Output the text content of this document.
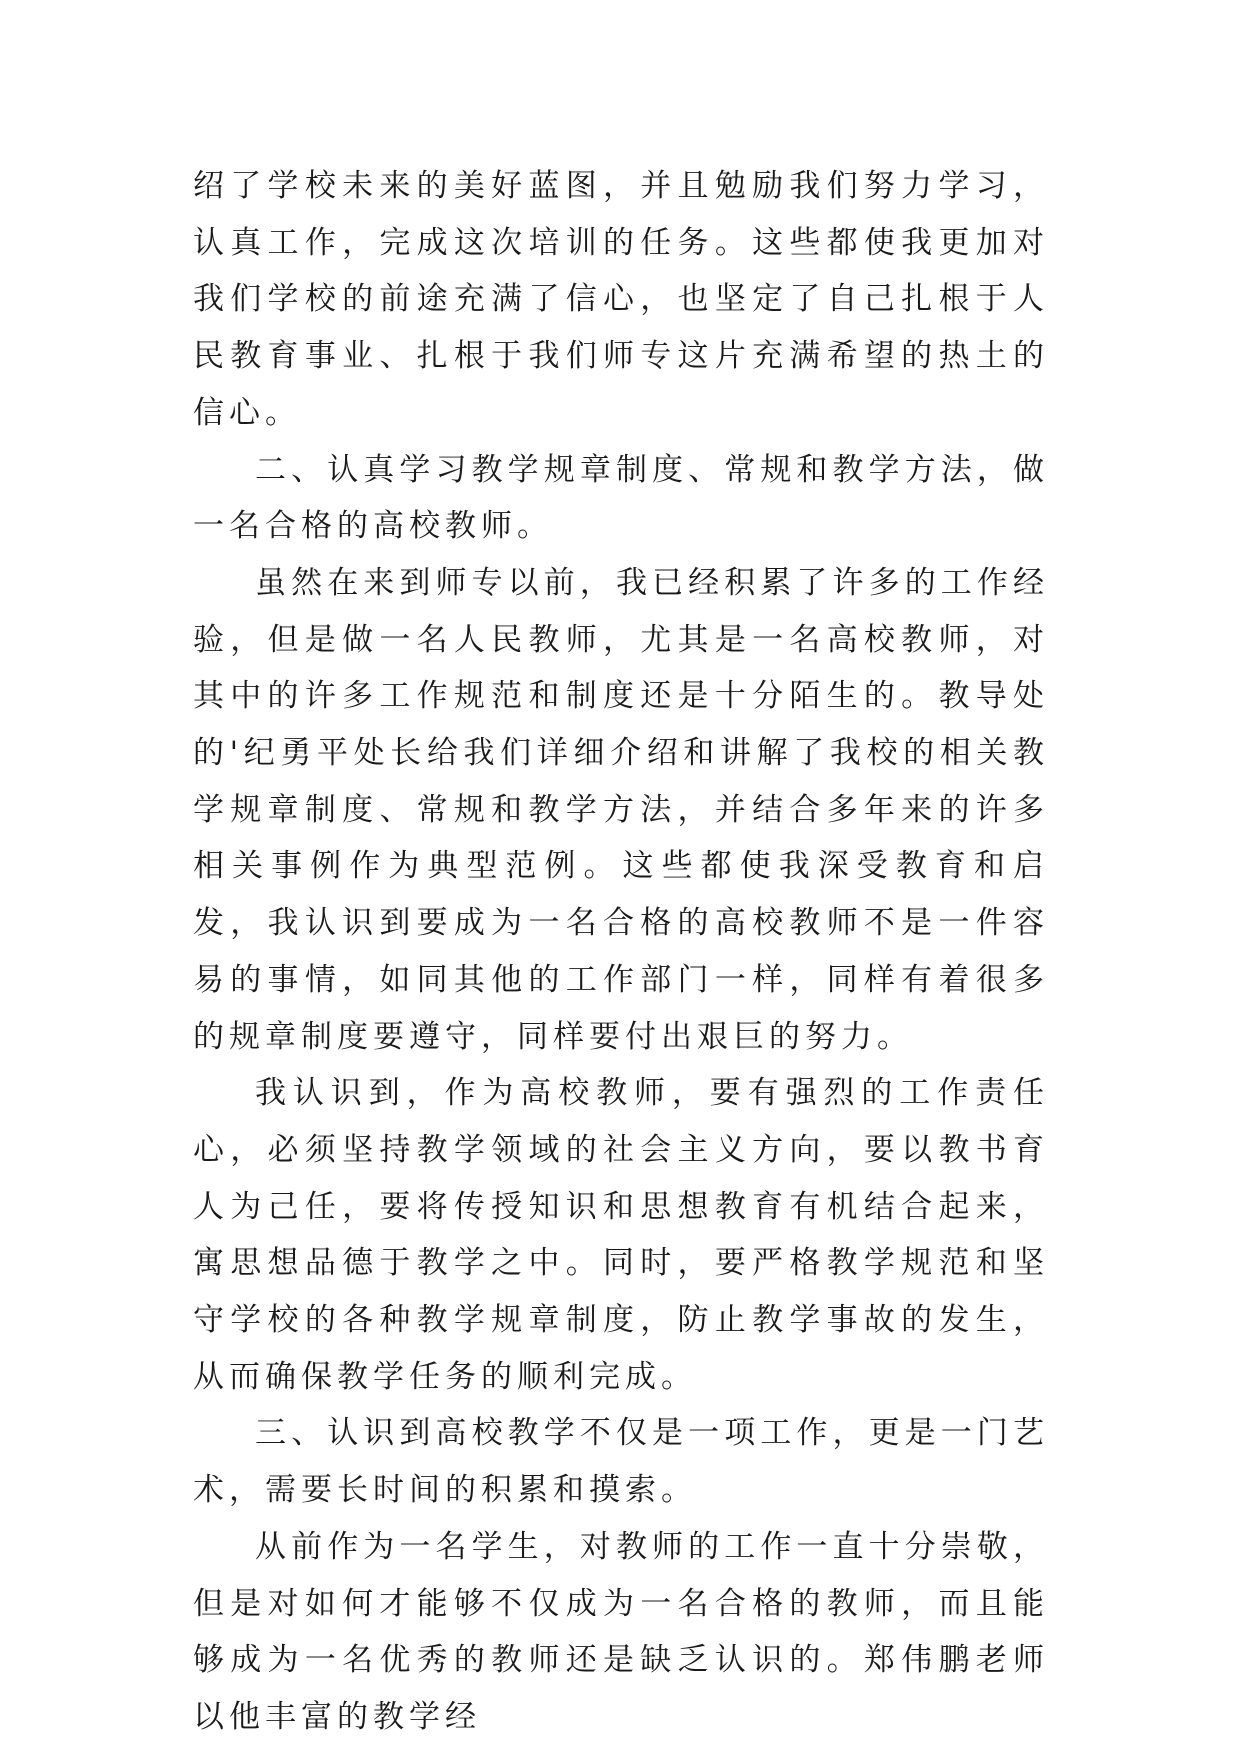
绍了学校未来的美好蓝图，并且勉励我们努力学习，认真工作，完成这次培训的任务。这些都使我更加对我们学校的前途充满了信心，也坚定了自己扎根于人民教育事业、扎根于我们师专这片充满希望的热土的信心。

二、认真学习教学规章制度、常规和教学方法，做一名合格的高校教师。

虽然在来到师专以前，我已经积累了许多的工作经验，但是做一名人民教师，尤其是一名高校教师，对其中的许多工作规范和制度还是十分陌生的。教导处的'纪勇平处长给我们详细介绍和讲解了我校的相关教学规章制度、常规和教学方法，并结合多年来的许多相关事例作为典型范例。这些都使我深受教育和启发，我认识到要成为一名合格的高校教师不是一件容易的事情，如同其他的工作部门一样，同样有着很多的规章制度要遵守，同样要付出艰巨的努力。

我认识到，作为高校教师，要有强烈的工作责任心，必须坚持教学领域的社会主义方向，要以教书育人为己任，要将传授知识和思想教育有机结合起来，寓思想品德于教学之中。同时，要严格教学规范和坚守学校的各种教学规章制度，防止教学事故的发生，从而确保教学任务的顺利完成。

三、认识到高校教学不仅是一项工作，更是一门艺术，需要长时间的积累和摸索。

从前作为一名学生，对教师的工作一直十分崇敬，但是对如何才能够不仅成为一名合格的教师，而且能够成为一名优秀的教师还是缺乏认识的。郑伟鹏老师以他丰富的教学经
